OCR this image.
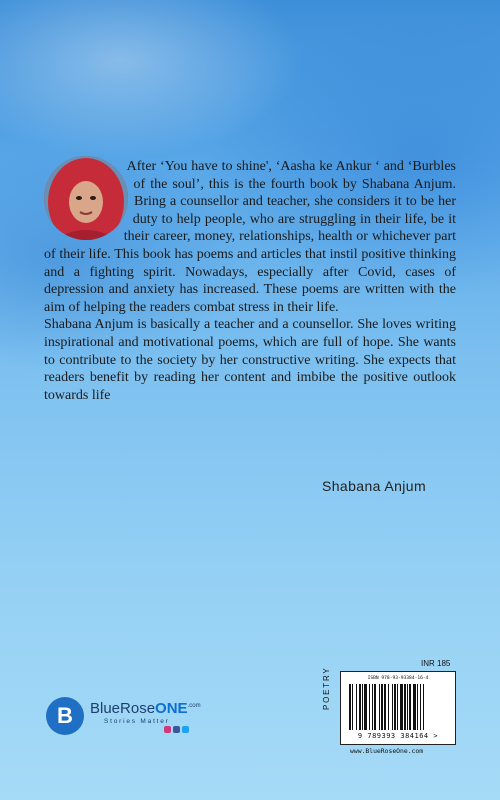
After ‘You have to shine', ‘Aasha ke Ankur ‘ and ‘Burbles of the soul’, this is the fourth book by Shabana Anjum. Bring a counsellor and teacher, she considers it to be her duty to help people, who are struggling in their life, be it their career, money, relationships, health or whichever part of their life. This book has poems and articles that instil positive thinking and a fighting spirit. Nowadays, especially after Covid, cases of depression and anxiety has increased. These poems are written with the aim of helping the readers combat stress in their life.

Shabana Anjum is basically a teacher and a counsellor. She loves writing inspirational and motivational poems, which are full of hope. She wants to contribute to the society by her constructive writing. She expects that readers benefit by reading her content and imbibe the positive outlook towards life

Shabana Anjum
B	BlueRoseONE$^{.com}$
Stories Matter
INR 185
POETRY	ISBN 978-93-93384-16-4
9 789393 384164 >
www.BlueRoseOne.com
